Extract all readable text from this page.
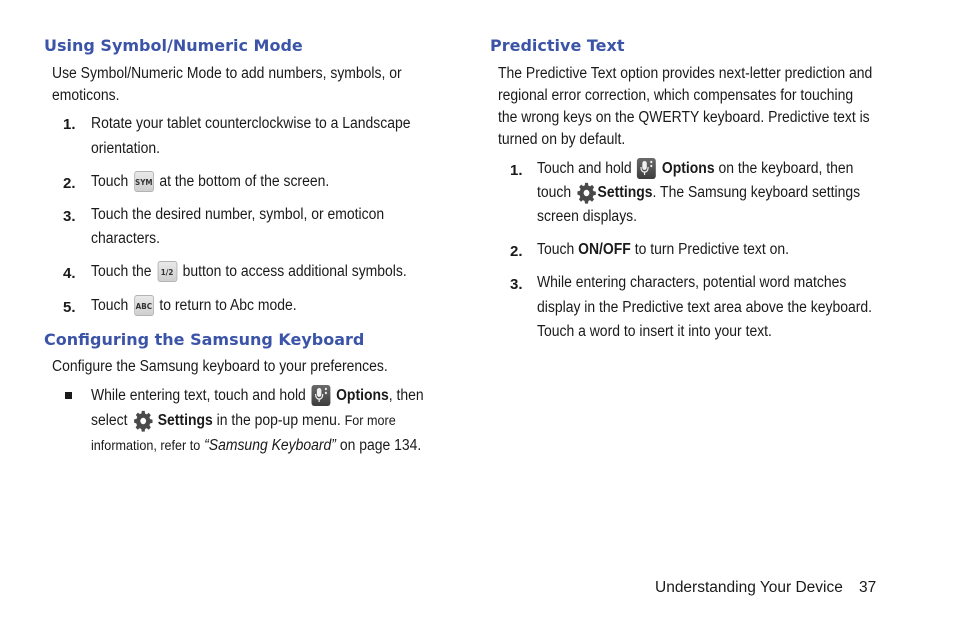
Using Symbol/Numeric Mode

Use Symbol/Numeric Mode to add numbers, symbols, or

emoticons.

1. Rotate your tablet counterclockwise to a Landscape

orientation.

2. Touch SYM at the bottom of the screen.

3. Touch the desired number, symbol, or emoticon

characters.

4. Touch the 1/2 button to access additional symbols.

5. Touch ABC to return to Abc mode.

Configuring the Samsung Keyboard

Configure the Samsung keyboard to your preferences.

While entering text, touch and hold Options, then

select Settings in the pop-up menu. For more

information, refer to “Samsung Keyboard” on page 134.

Predictive Text

The Predictive Text option provides next-letter prediction and

regional error correction, which compensates for touching

the wrong keys on the QWERTY keyboard. Predictive text is

turned on by default.

1. Touch and hold Options on the keyboard, then

touch Settings. The Samsung keyboard settings

screen displays.

2. Touch ON/OFF to turn Predictive text on.

3. While entering characters, potential word matches

display in the Predictive text area above the keyboard.

Touch a word to insert it into your text.

Understanding Your Device 37
